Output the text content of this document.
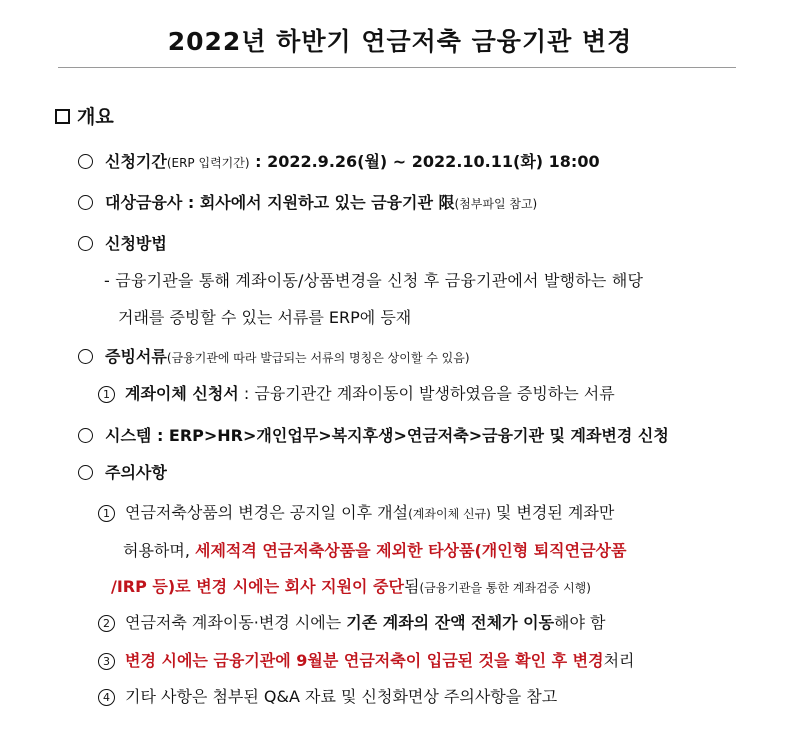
2022년 하반기 연금저축 금융기관 변경
개요
신청기간(ERP 입력기간) : 2022.9.26(월) ~ 2022.10.11(화) 18:00
대상금융사 : 회사에서 지원하고 있는 금융기관 限(첨부파일 참고)
신청방법
- 금융기관을 통해 계좌이동/상품변경을 신청 후 금융기관에서 발행하는 해당
거래를 증빙할 수 있는 서류를 ERP에 등재
증빙서류(금융기관에 따라 발급되는 서류의 명칭은 상이할 수 있음)
1 계좌이체 신청서 : 금융기관간 계좌이동이 발생하였음을 증빙하는 서류
시스템 : ERP>HR>개인업무>복지후생>연금저축>금융기관 및 계좌변경 신청
주의사항
1 연금저축상품의 변경은 공지일 이후 개설(계좌이체 신규) 및 변경된 계좌만
허용하며, 세제적격 연금저축상품을 제외한 타상품(개인형 퇴직연금상품
/IRP 등)로 변경 시에는 회사 지원이 중단됨(금융기관을 통한 계좌검증 시행)
2 연금저축 계좌이동·변경 시에는 기존 계좌의 잔액 전체가 이동해야 함
3 변경 시에는 금융기관에 9월분 연금저축이 입금된 것을 확인 후 변경처리
4 기타 사항은 첨부된 Q&A 자료 및 신청화면상 주의사항을 참고
